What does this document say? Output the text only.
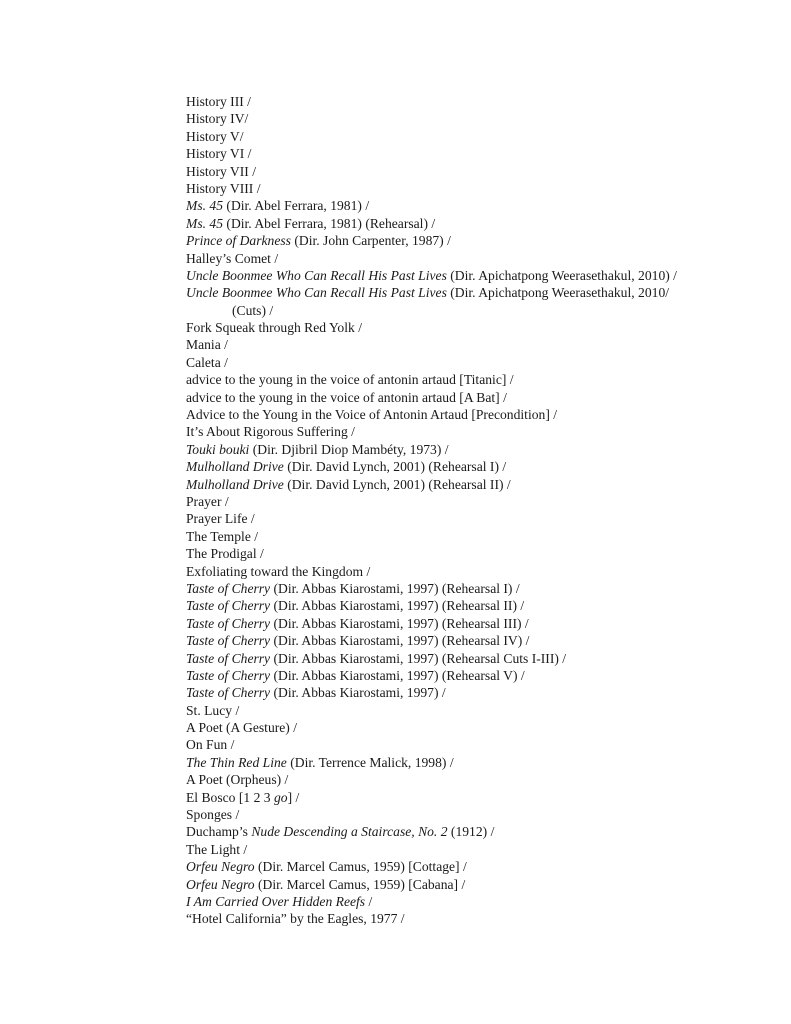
History III /
History IV/
History V/
History VI /
History VII /
History VIII /
Ms. 45 (Dir. Abel Ferrara, 1981) /
Ms. 45 (Dir. Abel Ferrara, 1981) (Rehearsal) /
Prince of Darkness (Dir. John Carpenter, 1987) /
Halley’s Comet /
Uncle Boonmee Who Can Recall His Past Lives (Dir. Apichatpong Weerasethakul, 2010) /
Uncle Boonmee Who Can Recall His Past Lives (Dir. Apichatpong Weerasethakul, 2010/
(Cuts) /
Fork Squeak through Red Yolk /
Mania /
Caleta /
advice to the young in the voice of antonin artaud [Titanic] /
advice to the young in the voice of antonin artaud [A Bat] /
Advice to the Young in the Voice of Antonin Artaud [Precondition] /
It’s About Rigorous Suffering /
Touki bouki (Dir. Djibril Diop Mambéty, 1973) /
Mulholland Drive (Dir. David Lynch, 2001) (Rehearsal I) /
Mulholland Drive (Dir. David Lynch, 2001) (Rehearsal II) /
Prayer /
Prayer Life /
The Temple /
The Prodigal /
Exfoliating toward the Kingdom /
Taste of Cherry (Dir. Abbas Kiarostami, 1997) (Rehearsal I) /
Taste of Cherry (Dir. Abbas Kiarostami, 1997) (Rehearsal II) /
Taste of Cherry (Dir. Abbas Kiarostami, 1997) (Rehearsal III) /
Taste of Cherry (Dir. Abbas Kiarostami, 1997) (Rehearsal IV) /
Taste of Cherry (Dir. Abbas Kiarostami, 1997) (Rehearsal Cuts I-III) /
Taste of Cherry (Dir. Abbas Kiarostami, 1997) (Rehearsal V) /
Taste of Cherry (Dir. Abbas Kiarostami, 1997) /
St. Lucy /
A Poet (A Gesture) /
On Fun /
The Thin Red Line (Dir. Terrence Malick, 1998) /
A Poet (Orpheus) /
El Bosco [1 2 3 go] /
Sponges /
Duchamp’s Nude Descending a Staircase, No. 2 (1912) /
The Light /
Orfeu Negro (Dir. Marcel Camus, 1959) [Cottage] /
Orfeu Negro (Dir. Marcel Camus, 1959) [Cabana] /
I Am Carried Over Hidden Reefs /
“Hotel California” by the Eagles, 1977 /
